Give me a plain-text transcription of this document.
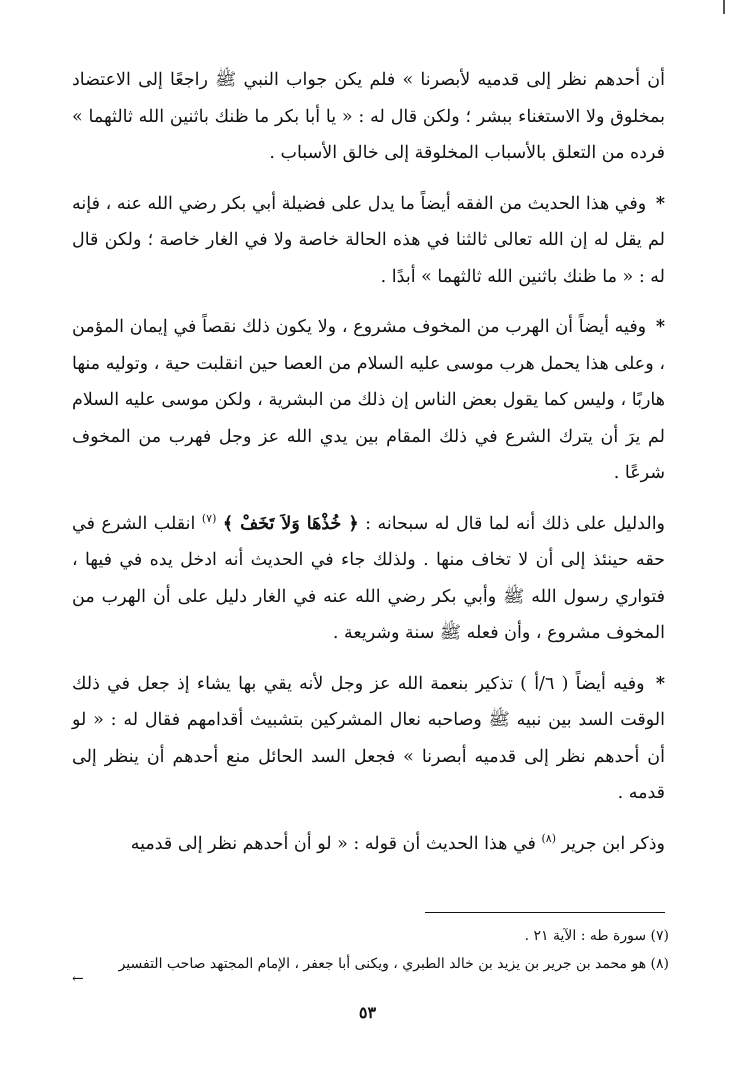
أن أحدهم نظر إلى قدميه لأبصرنا » فلم يكن جواب النبي ﷺ راجعًا إلى الاعتضاد بمخلوق ولا الاستغناء ببشر ؛ ولكن قال له : « يا أبا بكر ما ظنك باثنين الله ثالثهما » فرده من التعلق بالأسباب المخلوقة إلى خالق الأسباب .

* وفي هذا الحديث من الفقه أيضاً ما يدل على فضيلة أبي بكر رضي الله عنه ، فإنه لم يقل له إن الله تعالى ثالثنا في هذه الحالة خاصة ولا في الغار خاصة ؛ ولكن قال له : « ما ظنك باثنين الله ثالثهما » أبدًا .

* وفيه أيضاً أن الهرب من المخوف مشروع ، ولا يكون ذلك نقصاً في إيمان المؤمن ، وعلى هذا يحمل هرب موسى عليه السلام من العصا حين انقلبت حية ، وتوليه منها هاربًا ، وليس كما يقول بعض الناس إن ذلك من البشرية ، ولكن موسى عليه السلام لم يرَ أن يترك الشرع في ذلك المقام بين يدي الله عز وجل فهرب من المخوف شرعًا .

والدليل على ذلك أنه لما قال له سبحانه : ﴿ خُذْهَا وَلاَ تَخَفْ ﴾ $^{(٧)}$ انقلب الشرع في حقه حينئذ إلى أن لا تخاف منها . ولذلك جاء في الحديث أنه ادخل يده في فيها ، فتواري رسول الله ﷺ وأبي بكر رضي الله عنه في الغار دليل على أن الهرب من المخوف مشروع ، وأن فعله ﷺ سنة وشريعة .

* وفيه أيضاً ( ٦/أ ) تذكير بنعمة الله عز وجل لأنه يقي بها يشاء إذ جعل في ذلك الوقت السد بين نبيه ﷺ وصاحبه نعال المشركين بتشبيث أقدامهم فقال له : « لو أن أحدهم نظر إلى قدميه أبصرنا » فجعل السد الحائل منع أحدهم أن ينظر إلى قدمه .

وذكر ابن جرير $^{(٨)}$ في هذا الحديث أن قوله : « لو أن أحدهم نظر إلى قدميه

(٧) سورة طه : الآية ٢١ .

(٨) هو محمد بن جرير بن يزيد بن خالد الطبري ، ويكنى أبا جعفر ، الإمام المجتهد صاحب التفسير

←
٥٣
